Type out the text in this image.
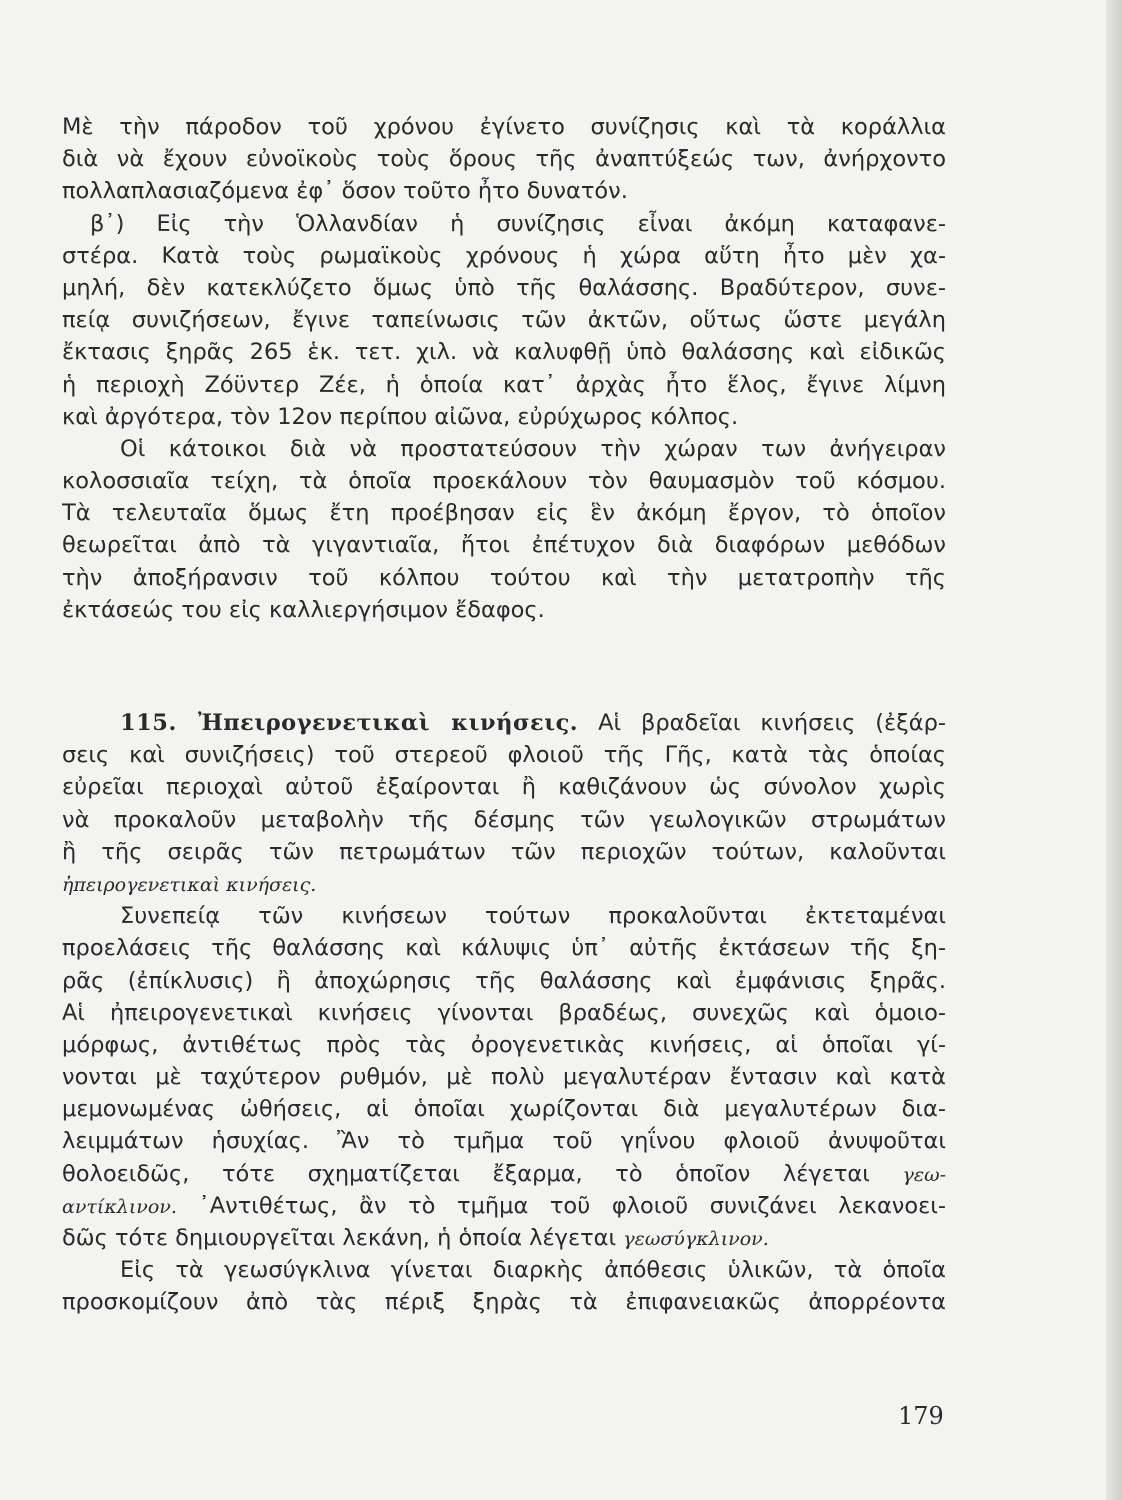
Μὲ τὴν πάροδον τοῦ χρόνου ἐγίνετο συνίζησις καὶ τὰ κοράλλια
διὰ νὰ ἔχουν εὐνοϊκοὺς τοὺς ὅρους τῆς ἀναπτύξεώς των, ἀνήρχοντο
πολλαπλασιαζόμενα ἐφ᾽ ὅσον τοῦτο ἦτο δυνατόν.
β᾽) Εἰς τὴν Ὁλλανδίαν ἡ συνίζησις εἶναι ἀκόμη καταφανε-
στέρα. Κατὰ τοὺς ρωμαϊκοὺς χρόνους ἡ χώρα αὕτη ἦτο μὲν χα-
μηλή, δὲν κατεκλύζετο ὅμως ὑπὸ τῆς θαλάσσης. Βραδύτερον, συνε-
πείᾳ συνιζήσεων, ἔγινε ταπείνωσις τῶν ἀκτῶν, οὕτως ὥστε μεγάλη
ἔκτασις ξηρᾶς 265 ἑκ. τετ. χιλ. νὰ καλυφθῇ ὑπὸ θαλάσσης καὶ εἰδικῶς
ἡ περιοχὴ Ζόϋντερ Ζέε, ἡ ὁποία κατ᾽ ἀρχὰς ἦτο ἕλος, ἔγινε λίμνη
καὶ ἀργότερα, τὸν 12ον περίπου αἰῶνα, εὐρύχωρος κόλπος.
Οἱ κάτοικοι διὰ νὰ προστατεύσουν τὴν χώραν των ἀνήγειραν
κολοσσιαῖα τείχη, τὰ ὁποῖα προεκάλουν τὸν θαυμασμὸν τοῦ κόσμου.
Τὰ τελευταῖα ὅμως ἔτη προέβησαν εἰς ἓν ἀκόμη ἔργον, τὸ ὁποῖον
θεωρεῖται ἀπὸ τὰ γιγαντιαῖα, ἤτοι ἐπέτυχον διὰ διαφόρων μεθόδων
τὴν ἀποξήρανσιν τοῦ κόλπου τούτου καὶ τὴν μετατροπὴν τῆς
ἐκτάσεώς του εἰς καλλιεργήσιμον ἔδαφος.
115. Ἠπειρογενετικαὶ κινήσεις. Αἱ βραδεῖαι κινήσεις (ἐξάρ-
σεις καὶ συνιζήσεις) τοῦ στερεοῦ φλοιοῦ τῆς Γῆς, κατὰ τὰς ὁποίας
εὐρεῖαι περιοχαὶ αὐτοῦ ἐξαίρονται ἢ καθιζάνουν ὡς σύνολον χωρὶς
νὰ προκαλοῦν μεταβολὴν τῆς δέσμης τῶν γεωλογικῶν στρωμάτων
ἢ τῆς σειρᾶς τῶν πετρωμάτων τῶν περιοχῶν τούτων, καλοῦνται
ἠπειρογενετικαὶ κινήσεις.
Συνεπείᾳ τῶν κινήσεων τούτων προκαλοῦνται ἐκτεταμέναι
προελάσεις τῆς θαλάσσης καὶ κάλυψις ὑπ᾽ αὐτῆς ἐκτάσεων τῆς ξη-
ρᾶς (ἐπίκλυσις) ἢ ἀποχώρησις τῆς θαλάσσης καὶ ἐμφάνισις ξηρᾶς.
Αἱ ἠπειρογενετικαὶ κινήσεις γίνονται βραδέως, συνεχῶς καὶ ὁμοιο-
μόρφως, ἀντιθέτως πρὸς τὰς ὀρογενετικὰς κινήσεις, αἱ ὁποῖαι γί-
νονται μὲ ταχύτερον ρυθμόν, μὲ πολὺ μεγαλυτέραν ἔντασιν καὶ κατὰ
μεμονωμένας ὠθήσεις, αἱ ὁποῖαι χωρίζονται διὰ μεγαλυτέρων δια-
λειμμάτων ἡσυχίας. Ἂν τὸ τμῆμα τοῦ γηΐνου φλοιοῦ ἀνυψοῦται
θολοειδῶς, τότε σχηματίζεται ἔξαρμα, τὸ ὁποῖον λέγεται γεω-
αντίκλινον. ᾽Αντιθέτως, ἂν τὸ τμῆμα τοῦ φλοιοῦ συνιζάνει λεκανοει-
δῶς τότε δημιουργεῖται λεκάνη, ἡ ὁποία λέγεται γεωσύγκλινον.
Εἰς τὰ γεωσύγκλινα γίνεται διαρκὴς ἀπόθεσις ὑλικῶν, τὰ ὁποῖα
προσκομίζουν ἀπὸ τὰς πέριξ ξηρὰς τὰ ἐπιφανειακῶς ἀπορρέοντα
179
